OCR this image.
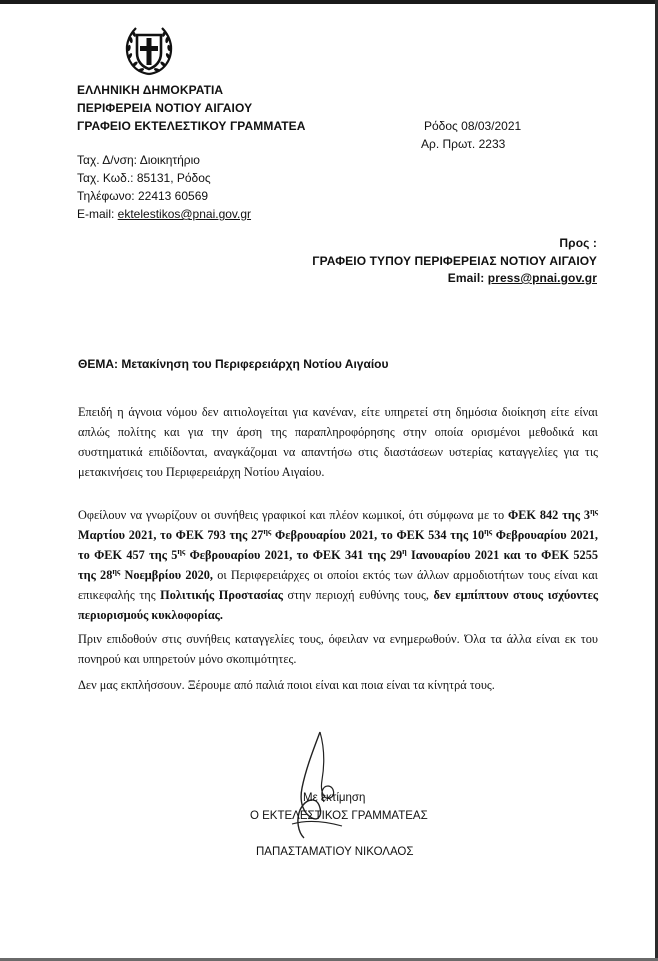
ΕΛΛΗΝΙΚΗ ΔΗΜΟΚΡΑΤΙΑ
ΠΕΡΙΦΕΡΕΙΑ ΝΟΤΙΟΥ ΑΙΓΑΙΟΥ
ΓΡΑΦΕΙΟ ΕΚΤΕΛΕΣΤΙΚΟΥ ΓΡΑΜΜΑΤΕΑ	Ρόδος 08/03/2021
Αρ. Πρωτ. 2233
Ταχ. Δ/νση: Διοικητήριο
Ταχ. Κωδ.: 85131, Ρόδος
Τηλέφωνο: 22413 60569
E-mail: ektelestikos@pnai.gov.gr
Προς :
ΓΡΑΦΕΙΟ ΤΥΠΟΥ ΠΕΡΙΦΕΡΕΙΑΣ ΝΟΤΙΟΥ ΑΙΓΑΙΟΥ
Email: press@pnai.gov.gr
ΘΕΜΑ: Μετακίνηση του Περιφερειάρχη Νοτίου Αιγαίου
Επειδή η άγνοια νόμου δεν αιτιολογείται για κανέναν, είτε υπηρετεί στη δημόσια διοίκηση είτε είναι απλώς πολίτης και για την άρση της παραπληροφόρησης στην οποία ορισμένοι μεθοδικά και συστηματικά επιδίδονται, αναγκάζομαι να απαντήσω στις διαστάσεων υστερίας καταγγελίες για τις μετακινήσεις του Περιφερειάρχη Νοτίου Αιγαίου.
Οφείλουν να γνωρίζουν οι συνήθεις γραφικοί και πλέον κωμικοί, ότι σύμφωνα με το ΦΕΚ 842 της $3^{\eta\varsigma}$ Μαρτίου 2021, το ΦΕΚ 793 της $27^{\eta\varsigma}$ Φεβρουαρίου 2021, το ΦΕΚ 534 της $10^{\eta\varsigma}$ Φεβρουαρίου 2021, το ΦΕΚ 457 της $5^{\eta\varsigma}$ Φεβρουαρίου 2021, το ΦΕΚ 341 της $29^\eta$ Ιανουαρίου 2021 και το ΦΕΚ 5255 της $28^{\eta\varsigma}$ Νοεμβρίου 2020, οι Περιφερειάρχες οι οποίοι εκτός των άλλων αρμοδιοτήτων τους είναι και επικεφαλής της Πολιτικής Προστασίας στην περιοχή ευθύνης τους, δεν εμπίπτουν στους ισχύοντες περιορισμούς κυκλοφορίας.
Πριν επιδοθούν στις συνήθεις καταγγελίες τους, όφειλαν να ενημερωθούν. Όλα τα άλλα είναι εκ του πονηρού και υπηρετούν μόνο σκοπιμότητες.
Δεν μας εκπλήσσουν. Ξέρουμε από παλιά ποιοι είναι και ποια είναι τα κίνητρά τους.
Με εκτίμηση
Ο ΕΚΤΕΛΕΣΤΙΚΟΣ ΓΡΑΜΜΑΤΕΑΣ
ΠΑΠΑΣΤΑΜΑΤΙΟΥ ΝΙΚΟΛΑΟΣ
